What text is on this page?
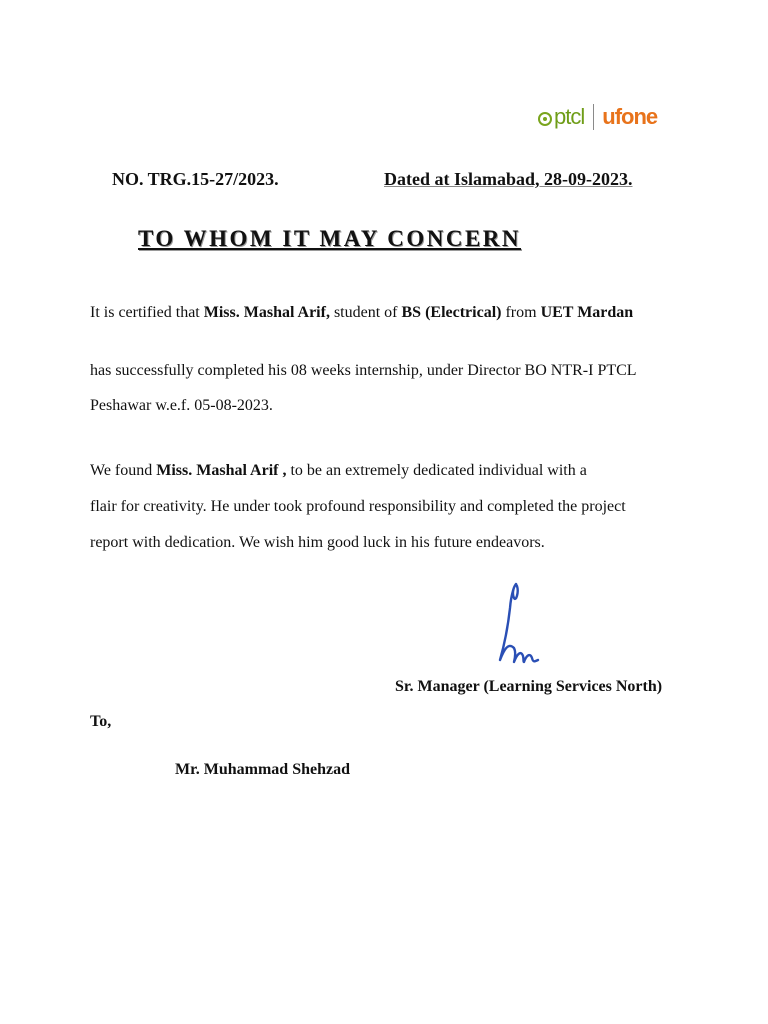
ptcl ufone
NO. TRG.15-27/2023.	Dated at Islamabad, 28-09-2023.
TO WHOM IT MAY CONCERN
It is certified that Miss. Mashal Arif, student of BS (Electrical) from UET Mardan
has successfully completed his 08 weeks internship, under Director BO NTR-I PTCL
Peshawar w.e.f. 05-08-2023.
We found Miss. Mashal Arif , to be an extremely dedicated individual with a
flair for creativity. He under took profound responsibility and completed the project
report with dedication. We wish him good luck in his future endeavors.
Sr. Manager (Learning Services North)
To,
Mr. Muhammad Shehzad
